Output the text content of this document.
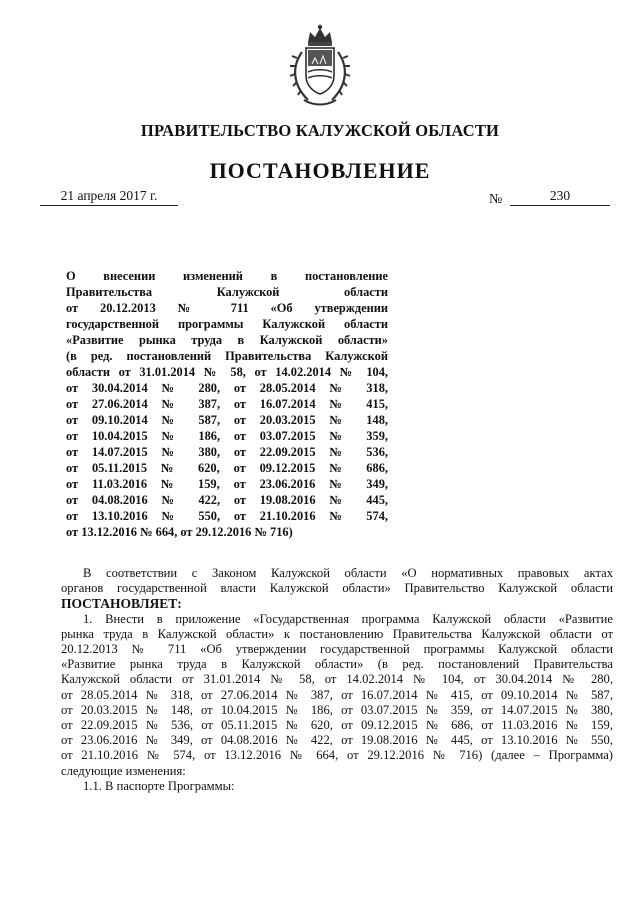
ПРАВИТЕЛЬСТВО КАЛУЖСКОЙ ОБЛАСТИ
ПОСТАНОВЛЕНИЕ
21 апреля 2017 г.	№	230
О внесении изменений в постановление
Правительства Калужской области
от 20.12.2013 № 711 «Об утверждении
государственной программы Калужской области
«Развитие рынка труда в Калужской области»
(в ред. постановлений Правительства Калужской
области от 31.01.2014 № 58, от 14.02.2014 № 104,
от 30.04.2014 № 280, от 28.05.2014 № 318,
от 27.06.2014 № 387, от 16.07.2014 № 415,
от 09.10.2014 № 587, от 20.03.2015 № 148,
от 10.04.2015 № 186, от 03.07.2015 № 359,
от 14.07.2015 № 380, от 22.09.2015 № 536,
от 05.11.2015 № 620, от 09.12.2015 № 686,
от 11.03.2016 № 159, от 23.06.2016 № 349,
от 04.08.2016 № 422, от 19.08.2016 № 445,
от 13.10.2016 № 550, от 21.10.2016 № 574,
от 13.12.2016 № 664, от 29.12.2016 № 716)
В соответствии с Законом Калужской области «О нормативных правовых актах
органов государственной власти Калужской области» Правительство Калужской области
ПОСТАНОВЛЯЕТ:
1. Внести в приложение «Государственная программа Калужской области «Развитие
рынка труда в Калужской области» к постановлению Правительства Калужской области от
20.12.2013 № 711 «Об утверждении государственной программы Калужской области
«Развитие рынка труда в Калужской области» (в ред. постановлений Правительства
Калужской области от 31.01.2014 № 58, от 14.02.2014 № 104, от 30.04.2014 № 280,
от 28.05.2014 № 318, от 27.06.2014 № 387, от 16.07.2014 № 415, от 09.10.2014 № 587,
от 20.03.2015 № 148, от 10.04.2015 № 186, от 03.07.2015 № 359, от 14.07.2015 № 380,
от 22.09.2015 № 536, от 05.11.2015 № 620, от 09.12.2015 № 686, от 11.03.2016 № 159,
от 23.06.2016 № 349, от 04.08.2016 № 422, от 19.08.2016 № 445, от 13.10.2016 № 550,
от 21.10.2016 № 574, от 13.12.2016 № 664, от 29.12.2016 № 716) (далее – Программа)
следующие изменения:
1.1. В паспорте Программы:
